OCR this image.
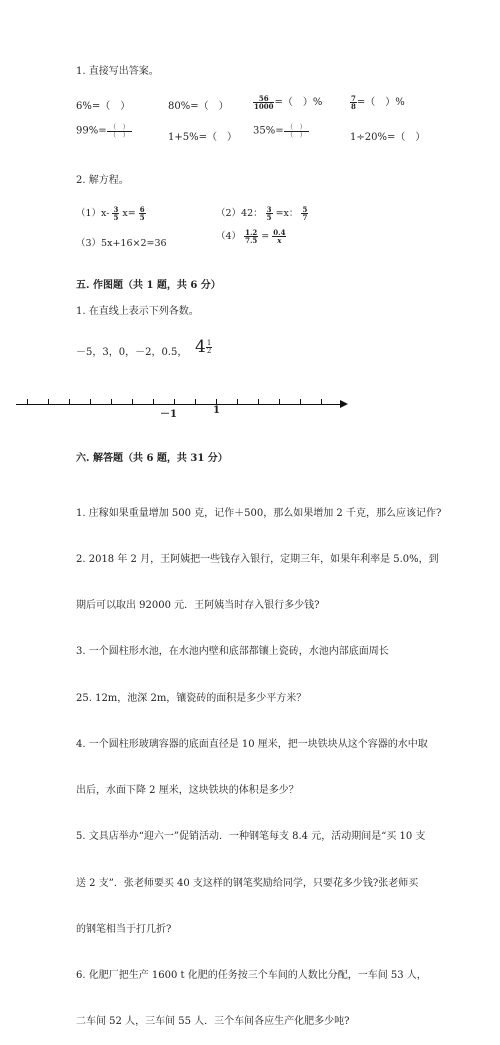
1. 直接写出答案。
6%=（　）	80%=（　）	$\frac{56}{1000}$ =（　）%	$\frac{7}{8}$ =（　）%
$99\%= \frac{( )}{( )}$	1+5%=（　）
$35\%= \frac{( )}{( )}$	1÷20%=（　）
2. 解方程。
$(1)x- \frac{3}{5} x= \frac{6}{5}$	（2）42： $\frac{3}{5} =x$： $\frac{5}{7}$
（3）5x+16×2=36
$(4) \frac{1.2}{7.5} = \frac{0.4}{x}$
五. 作图题（共 1 题，共 6 分）
1. 在直线上表示下列各数。
－5，3，0，－2，0.5， $4 \frac{1}{2}$
－1	1
六. 解答题（共 6 题，共 31 分）

1. 庄稼如果重量增加 500 克，记作＋500，那么如果增加 2 千克，那么应该记作?

2. 2018 年 2 月，王阿姨把一些钱存入银行，定期三年，如果年利率是 5.0%，到

期后可以取出 92000 元．王阿姨当时存入银行多少钱?

3. 一个圆柱形水池，在水池内壁和底部都镶上瓷砖，水池内部底面周长

25. 12m，池深 2m，镶瓷砖的面积是多少平方米？

4. 一个圆柱形玻璃容器的底面直径是 10 厘米，把一块铁块从这个容器的水中取

出后，水面下降 2 厘米，这块铁块的体积是多少？

5. 文具店举办“迎六一”促销活动．一种钢笔每支 8.4 元，活动期间是“买 10 支

送 2 支”．张老师要买 40 支这样的钢笔奖励给同学，只要花多少钱?张老师买

的钢笔相当于打几折?

6. 化肥厂把生产 1600 t 化肥的任务按三个车间的人数比分配，一车间 53 人，

二车间 52 人，三车间 55 人．三个车间各应生产化肥多少吨?
